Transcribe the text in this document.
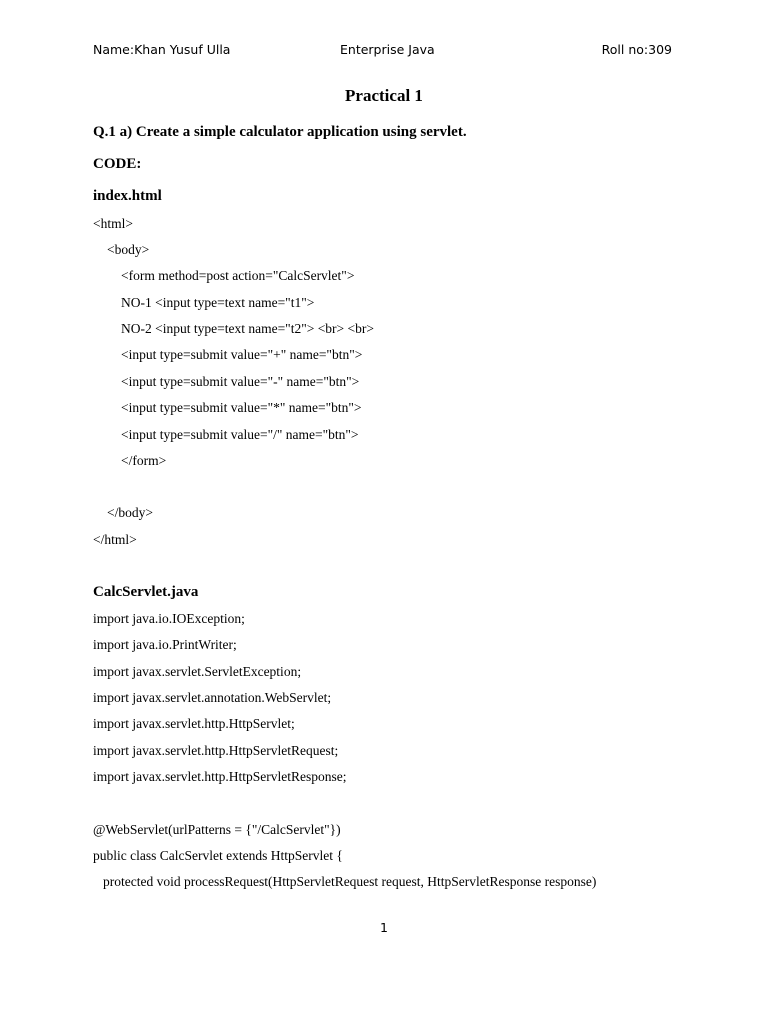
Name:Khan Yusuf Ulla	Enterprise Java	Roll no:309
Practical 1
Q.1 a) Create a simple calculator application using servlet.
CODE:
index.html
<html>
<body>
<form method=post action="CalcServlet">
NO-1 <input type=text name="t1">
NO-2 <input type=text name="t2"> <br> <br>
<input type=submit value="+" name="btn">
<input type=submit value="-" name="btn">
<input type=submit value="*" name="btn">
<input type=submit value="/" name="btn">
</form>
</body>
</html>
CalcServlet.java
import java.io.IOException;
import java.io.PrintWriter;
import javax.servlet.ServletException;
import javax.servlet.annotation.WebServlet;
import javax.servlet.http.HttpServlet;
import javax.servlet.http.HttpServletRequest;
import javax.servlet.http.HttpServletResponse;
@WebServlet(urlPatterns = {"/CalcServlet"})
public class CalcServlet extends HttpServlet {
protected void processRequest(HttpServletRequest request, HttpServletResponse response)
1
